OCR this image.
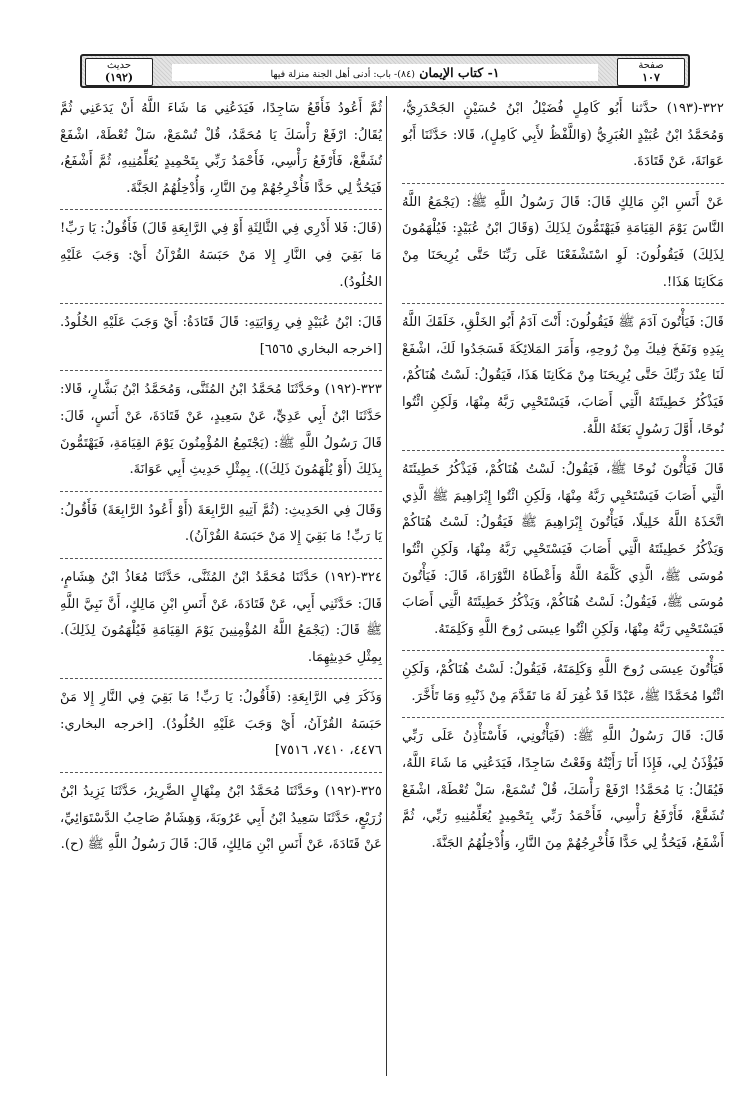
صفحة
١٠٧
١- كتاب الإيمان (٨٤)- باب: أدنى أهل الجنة منزلة فيها
حديث
(١٩٢)

٣٢٢-(١٩٣) حدَّثنا أَبُو كَامِلٍ فُضَيْلُ ابْنُ حُسَيْنٍ الجَحْدَرِيُّ، وَمُحَمَّدُ ابْنُ عُبَيْدٍ الغُبَرِيُّ (وَاللَّفْظُ لأَبِي كَامِلٍ)، قَالا: حَدَّثَنَا أَبُو عَوَانَةَ، عَنْ قَتَادَةَ.

عَنْ أَنَسِ ابْنِ مَالِكٍ قَالَ: قَالَ رَسُولُ اللَّهِ ﷺ: (يَجْمَعُ اللَّهُ النَّاسَ يَوْمَ القِيَامَةِ فَيَهْتَمُّونَ لِذَلِكَ (وَقَالَ ابْنُ عُبَيْدٍ: فَيُلْهَمُونَ لِذَلِكَ) فَيَقُولُونَ: لَوِ اسْتَشْفَعْنَا عَلَى رَبِّنَا حَتَّى يُرِيحَنَا مِنْ مَكَانِنَا هَذَا!.

قَالَ: فَيَأْتُونَ آدَمَ ﷺ فَيَقُولُونَ: أَنْتَ آدَمُ أَبُو الخَلْقِ، خَلَقَكَ اللَّهُ بِيَدِهِ وَنَفَخَ فِيكَ مِنْ رُوحِهِ، وَأَمَرَ المَلائِكَةَ فَسَجَدُوا لَكَ، اشْفَعْ لَنَا عِنْدَ رَبِّكَ حَتَّى يُرِيحَنَا مِنْ مَكَانِنَا هَذَا، فَيَقُولُ: لَسْتُ هُنَاكُمْ، فَيَذْكُرُ خَطِيئَتَهُ الَّتِي أَصَابَ، فَيَسْتَحْيِي رَبَّهُ مِنْهَا، وَلَكِنِ ائْتُوا نُوحًا، أَوَّلَ رَسُولٍ بَعَثَهُ اللَّهُ.

قَالَ فَيَأْتُونَ نُوحًا ﷺ، فَيَقُولُ: لَسْتُ هُنَاكُمْ، فَيَذْكُرُ خَطِيئَتَهُ الَّتِي أَصَابَ فَيَسْتَحْيِي رَبَّهُ مِنْهَا، وَلَكِنِ ائْتُوا إِبْرَاهِيمَ ﷺ الَّذِي اتَّخَذَهُ اللَّهُ خَلِيلًا، فَيَأْتُونَ إِبْرَاهِيمَ ﷺ فَيَقُولُ: لَسْتُ هُنَاكُمْ وَيَذْكُرُ خَطِيئَتَهُ الَّتِي أَصَابَ فَيَسْتَحْيِي رَبَّهُ مِنْهَا، وَلَكِنِ ائْتُوا مُوسَى ﷺ، الَّذِي كَلَّمَهُ اللَّهُ وَأَعْطَاهُ التَّوْرَاةَ، قَالَ: فَيَأْتُونَ مُوسَى ﷺ، فَيَقُولُ: لَسْتُ هُنَاكُمْ، وَيَذْكُرُ خَطِيئَتَهُ الَّتِي أَصَابَ فَيَسْتَحْيِي رَبَّهُ مِنْهَا، وَلَكِنِ ائْتُوا عِيسَى رُوحَ اللَّهِ وَكَلِمَتَهُ.

فَيَأْتُونَ عِيسَى رُوحَ اللَّهِ وَكَلِمَتَهُ، فَيَقُولُ: لَسْتُ هُنَاكُمْ، وَلَكِنِ ائْتُوا مُحَمَّدًا ﷺ، عَبْدًا قَدْ غُفِرَ لَهُ مَا تَقَدَّمَ مِنْ ذَنْبِهِ وَمَا تَأَخَّرَ.

قَالَ: قَالَ رَسُولُ اللَّهِ ﷺ: (فَيَأْتُونِي، فَأَسْتَأْذِنُ عَلَى رَبِّي فَيُؤْذَنُ لِي، فَإِذَا أَنَا رَأَيْتُهُ وَقَعْتُ سَاجِدًا، فَيَدَعُنِي مَا شَاءَ اللَّهُ، فَيُقَالُ: يَا مُحَمَّدُ! ارْفَعْ رَأْسَكَ، قُلْ تُسْمَعْ، سَلْ تُعْطَهْ، اشْفَعْ تُشَفَّعْ، فَأَرْفَعُ رَأْسِي، فَأَحْمَدُ رَبِّي بِتَحْمِيدٍ يُعَلِّمُنِيهِ رَبِّي، ثُمَّ أَشْفَعُ، فَيَحُدُّ لِي حَدًّا فَأُخْرِجُهُمْ مِنَ النَّارِ، وَأُدْخِلُهُمُ الجَنَّةَ.

ثُمَّ أَعُودُ فَأَقَعُ سَاجِدًا، فَيَدَعُنِي مَا شَاءَ اللَّهُ أَنْ يَدَعَنِي ثُمَّ يُقَالُ: ارْفَعْ رَأْسَكَ يَا مُحَمَّدُ، قُلْ تُسْمَعْ، سَلْ تُعْطَهْ، اشْفَعْ تُشَفَّعْ، فَأَرْفَعُ رَأْسِي، فَأَحْمَدُ رَبِّي بِتَحْمِيدٍ يُعَلِّمُنِيهِ، ثُمَّ أَشْفَعُ، فَيَحُدُّ لِي حَدًّا فَأُخْرِجُهُمْ مِنَ النَّارِ، وَأُدْخِلُهُمُ الجَنَّةَ.

(قَالَ: فَلا أَدْرِي فِي الثَّالِثَةِ أَوْ فِي الرَّابِعَةِ قَالَ) فَأَقُولُ: يَا رَبِّ! مَا بَقِيَ فِي النَّارِ إِلا مَنْ حَبَسَهُ القُرْآنُ أَيْ: وَجَبَ عَلَيْهِ الخُلُودُ).

قَالَ: ابْنُ عُبَيْدٍ فِي رِوَايَتِهِ: قَالَ قَتَادَةُ: أَيْ وَجَبَ عَلَيْهِ الخُلُودُ. [اخرجه البخاري ٦٥٦٥]

٣٢٣-(١٩٢) وحَدَّثَنَا مُحَمَّدُ ابْنُ المُثَنَّى، وَمُحَمَّدُ ابْنُ بَشَّارٍ، قَالا: حَدَّثَنَا ابْنُ أَبِي عَدِيٍّ، عَنْ سَعِيدٍ، عَنْ قَتَادَةَ، عَنْ أَنَسٍ، قَالَ: قَالَ رَسُولُ اللَّهِ ﷺ: (يَجْتَمِعُ المُؤْمِنُونَ يَوْمَ القِيَامَةِ، فَيَهْتَمُّونَ بِذَلِكَ (أَوْ يُلْهَمُونَ ذَلِكَ)). بِمِثْلِ حَدِيثِ أَبِي عَوَانَةَ.

وَقَالَ فِي الحَدِيثِ: (ثُمَّ آتِيهِ الرَّابِعَةَ (أَوْ أَعُودُ الرَّابِعَةَ) فَأَقُولُ: يَا رَبِّ! مَا بَقِيَ إِلا مَنْ حَبَسَهُ القُرْآنُ).

٣٢٤-(١٩٢) حَدَّثَنَا مُحَمَّدُ ابْنُ المُثَنَّى، حَدَّثَنَا مُعَاذُ ابْنُ هِشَامٍ، قَالَ: حَدَّثَنِي أَبِي، عَنْ قَتَادَةَ، عَنْ أَنَسِ ابْنِ مَالِكٍ، أَنَّ نَبِيَّ اللَّهِ ﷺ قَالَ: (يَجْمَعُ اللَّهُ المُؤْمِنِينَ يَوْمَ القِيَامَةِ فَيُلْهَمُونَ لِذَلِكَ). بِمِثْلِ حَدِيثِهِمَا.

وَذَكَرَ فِي الرَّابِعَةِ: (فَأَقُولُ: يَا رَبِّ! مَا بَقِيَ فِي النَّارِ إِلا مَنْ حَبَسَهُ القُرْآنُ، أَيْ وَجَبَ عَلَيْهِ الخُلُودُ). [اخرجه البخاري: ٤٤٧٦، ٧٤١٠، ٧٥١٦]

٣٢٥-(١٩٢) وحَدَّثَنَا مُحَمَّدُ ابْنُ مِنْهَالٍ الضَّرِيرُ، حَدَّثَنَا يَزِيدُ ابْنُ زُرَيْعٍ، حَدَّثَنَا سَعِيدُ ابْنُ أَبِي عَرُوبَةَ، وَهِشَامٌ صَاحِبُ الدَّسْتَوَائِيِّ، عَنْ قَتَادَةَ، عَنْ أَنَسِ ابْنِ مَالِكٍ، قَالَ: قَالَ رَسُولُ اللَّهِ ﷺ (ح).
